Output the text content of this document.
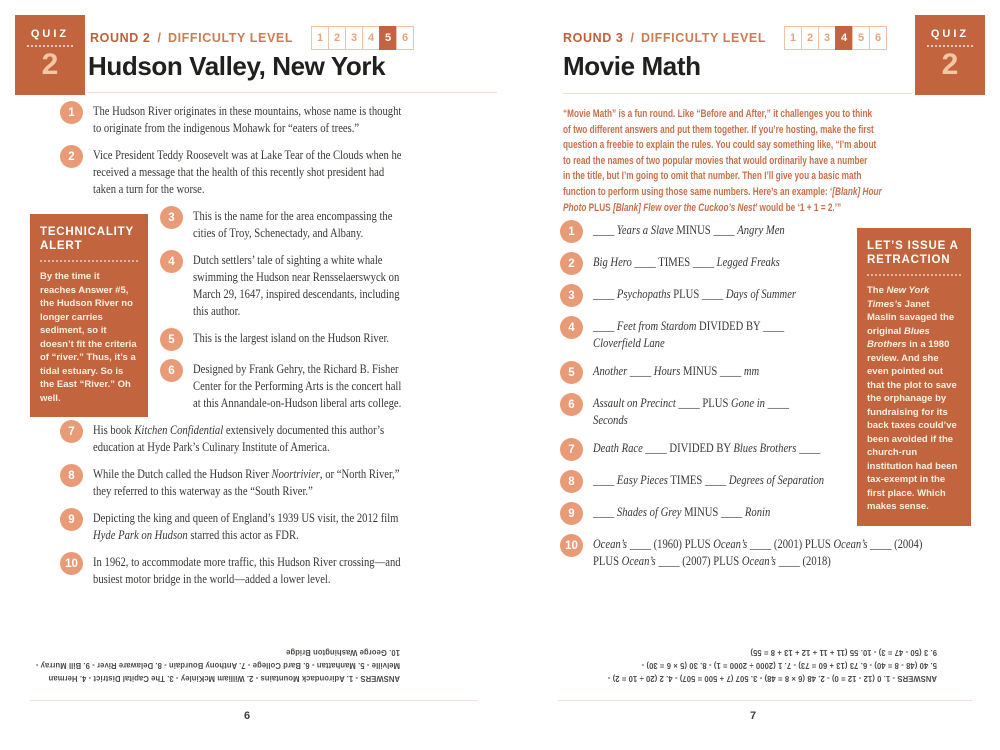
QUIZ
2
ROUND 2 / DIFFICULTY LEVEL	1 2 3 4 5 6
Hudson Valley, New York
1	The Hudson River originates in these mountains, whose name is thought
to originate from the indigenous Mohawk for “eaters of trees.”
2	Vice President Teddy Roosevelt was at Lake Tear of the Clouds when he
received a message that the health of this recently shot president had
taken a turn for the worse.
3	This is the name for the area encompassing the
cities of Troy, Schenectady, and Albany.
4	Dutch settlers’ tale of sighting a white whale
swimming the Hudson near Rensselaerswyck on
March 29, 1647, inspired descendants, including
this author.
5	This is the largest island on the Hudson River.
6	Designed by Frank Gehry, the Richard B. Fisher
Center for the Performing Arts is the concert hall
at this Annandale-on-Hudson liberal arts college.
7	His book Kitchen Confidential extensively documented this author’s
education at Hyde Park’s Culinary Institute of America.
8	While the Dutch called the Hudson River Noortrivier, or “North River,”
they referred to this waterway as the “South River.”
9	Depicting the king and queen of England’s 1939 US visit, the 2012 film
Hyde Park on Hudson starred this actor as FDR.
10	In 1962, to accommodate more traffic, this Hudson River crossing—and
busiest motor bridge in the world—added a lower level.
TECHNICALITY
ALERT
By the time it reaches Answer #5, the Hudson River no longer carries sediment, so it doesn’t fit the criteria of “river.” Thus, it’s a tidal estuary. So is the East “River.” Oh well.
ANSWERS - 1. Adirondack Mountains - 2. William McKinley - 3. The Capital District - 4. Herman
Melville - 5. Manhattan - 6. Bard College - 7. Anthony Bourdain - 8. Delaware River - 9. Bill Murray -
10. George Washington Bridge
6
QUIZ
2
ROUND 3 / DIFFICULTY LEVEL	1 2 3 4 5 6
Movie Math
“Movie Math” is a fun round. Like “Before and After,” it challenges you to think
of two different answers and put them together. If you’re hosting, make the first
question a freebie to explain the rules. You could say something like, “I’m about
to read the names of two popular movies that would ordinarily have a number
in the title, but I’m going to omit that number. Then I’ll give you a basic math
function to perform using those same numbers. Here’s an example: ‘[Blank] Hour
Photo PLUS [Blank] Flew over the Cuckoo’s Nest’ would be ‘1 + 1 = 2.’”
1	____ Years a Slave MINUS ____ Angry Men
2	Big Hero ____ TIMES ____ Legged Freaks
3	____ Psychopaths PLUS ____ Days of Summer
4	____ Feet from Stardom DIVIDED BY ____
Cloverfield Lane
5	Another ____ Hours MINUS ____ mm
6	Assault on Precinct ____ PLUS Gone in ____
Seconds
7	Death Race ____ DIVIDED BY Blues Brothers ____
8	____ Easy Pieces TIMES ____ Degrees of Separation
9	____ Shades of Grey MINUS ____ Ronin
10	Ocean’s ____ (1960) PLUS Ocean’s ____ (2001) PLUS Ocean’s ____ (2004)
PLUS Ocean’s ____ (2007) PLUS Ocean’s ____ (2018)
LET’S ISSUE A
RETRACTION
The New York Times’s Janet Maslin savaged the original Blues Brothers in a 1980 review. And she even pointed out that the plot to save the orphanage by fundraising for its back taxes could’ve been avoided if the church-run institution had been tax-exempt in the first place. Which makes sense.
ANSWERS - 1. 0 (12 - 12 = 0) - 2. 48 (6 × 8 = 48) - 3. 507 (7 + 500 = 507) - 4. 2 (20 ÷ 10 = 2) -
5. 40 (48 - 8 = 40) - 6. 73 (13 + 60 = 73) - 7. 1 (2000 ÷ 2000 = 1) - 8. 30 (5 × 6 = 30) -
9. 3 (50 - 47 = 3) - 10. 55 (11 + 11 + 12 + 13 + 8 = 55)
7
